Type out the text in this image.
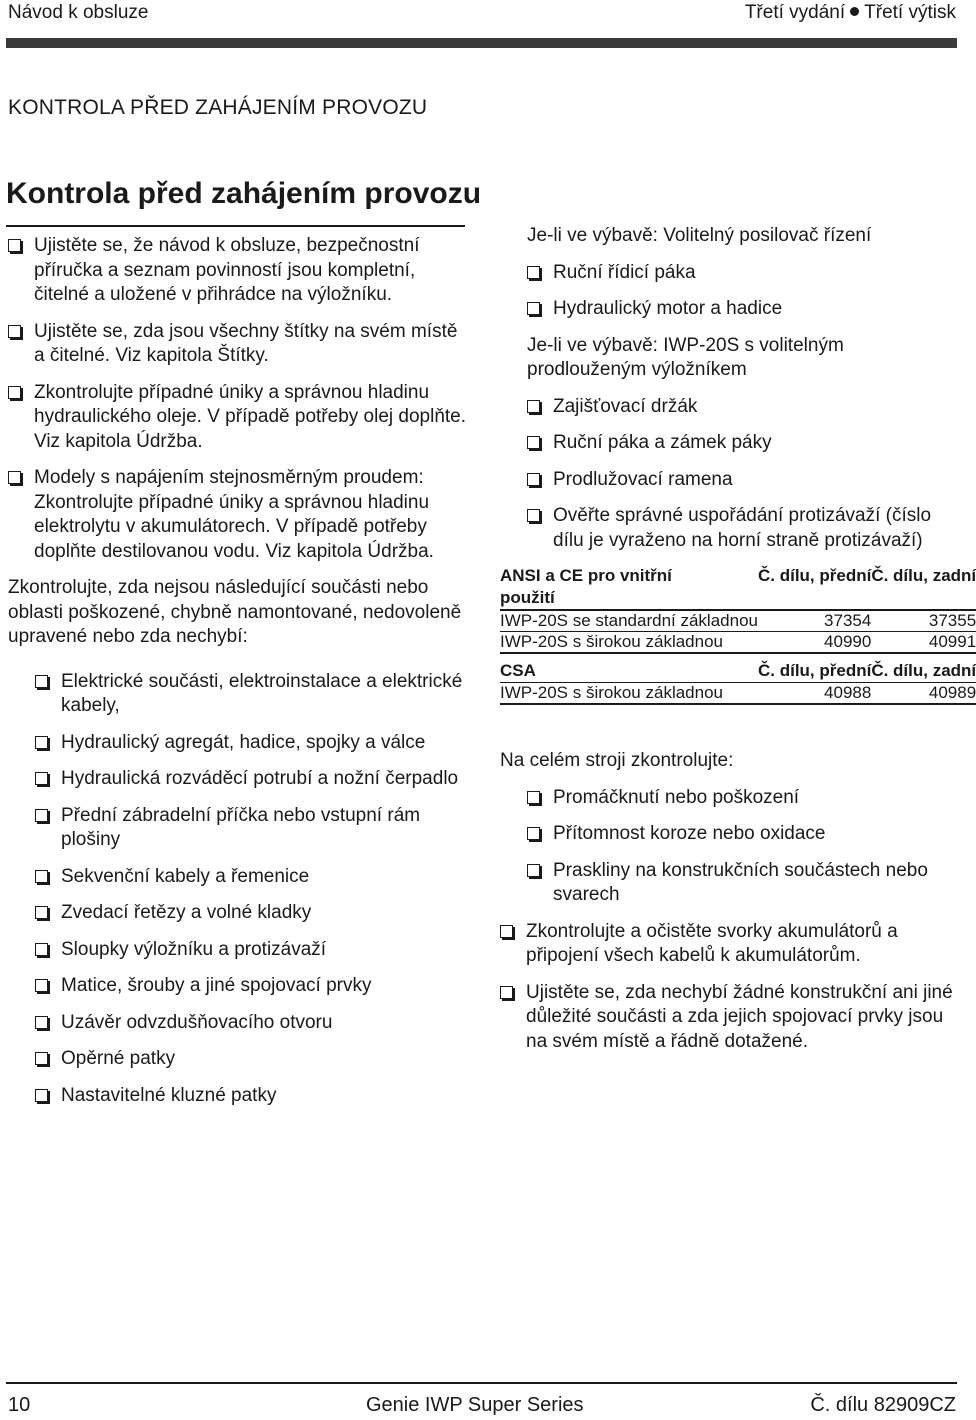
Návod k obsluze	Třetí vydání Třetí výtisk
KONTROLA PŘED ZAHÁJENÍM PROVOZU
Kontrola před zahájením provozu
Ujistěte se, že návod k obsluze, bezpečnostní příručka a seznam povinností jsou kompletní, čitelné a uložené v přihrádce na výložníku.
Ujistěte se, zda jsou všechny štítky na svém místě a čitelné. Viz kapitola Štítky.
Zkontrolujte případné úniky a správnou hladinu hydraulického oleje. V případě potřeby olej doplňte. Viz kapitola Údržba.
Modely s napájením stejnosměrným proudem: Zkontrolujte případné úniky a správnou hladinu elektrolytu v akumulátorech. V případě potřeby doplňte destilovanou vodu. Viz kapitola Údržba.

Zkontrolujte, zda nejsou následující součásti nebo oblasti poškozené, chybně namontované, nedovoleně upravené nebo zda nechybí:

Elektrické součásti, elektroinstalace a elektrické kabely,
Hydraulický agregát, hadice, spojky a válce
Hydraulická rozváděcí potrubí a nožní čerpadlo
Přední zábradelní příčka nebo vstupní rám plošiny
Sekvenční kabely a řemenice
Zvedací řetězy a volné kladky
Sloupky výložníku a protizávaží
Matice, šrouby a jiné spojovací prvky
Uzávěr odvzdušňovacího otvoru
Opěrné patky
Nastavitelné kluzné patky

Je-li ve výbavě: Volitelný posilovač řízení

Ruční řídicí páka
Hydraulický motor a hadice

Je-li ve výbavě: IWP-20S s volitelným prodlouženým výložníkem

Zajišťovací držák
Ruční páka a zámek páky
Prodlužovací ramena
Ověřte správné uspořádání protizávaží (číslo dílu je vyraženo na horní straně protizávaží)
ANSI a CE pro vnitřní použití	Č. dílu, přední	Č. dílu, zadní

IWP-20S se standardní základnou	37354	37355

IWP-20S s širokou základnou	40990	40991

CSA	Č. dílu, přední	Č. dílu, zadní

IWP-20S s širokou základnou	40988	40989

Na celém stroji zkontrolujte:

Promáčknutí nebo poškození
Přítomnost koroze nebo oxidace
Praskliny na konstrukčních součástech nebo svarech
Zkontrolujte a očistěte svorky akumulátorů a připojení všech kabelů k akumulátorům.
Ujistěte se, zda nechybí žádné konstrukční ani jiné důležité součásti a zda jejich spojovací prvky jsou na svém místě a řádně dotažené.
10	Genie IWP Super Series	Č. dílu 82909CZ
